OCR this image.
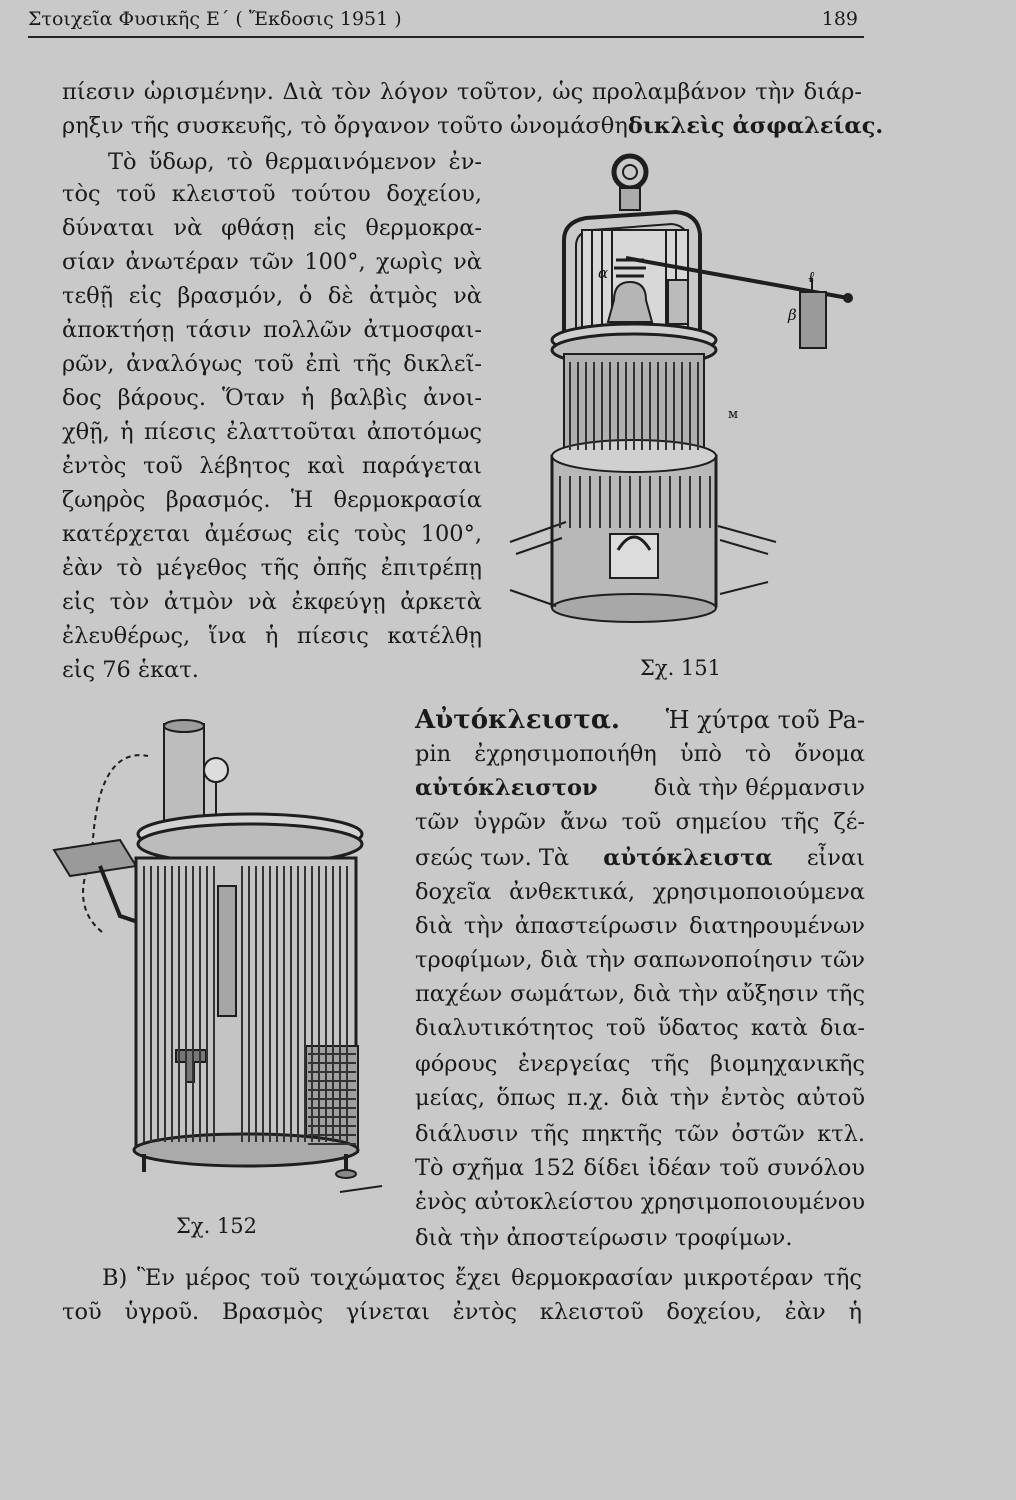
Στοιχεῖα Φυσικῆς Ε΄ ( Ἔκδοσις 1951 )	189
πίεσιν ὡρισμένην. Διὰ τὸν λόγον τοῦτον, ὡς προλαμβάνον τὴν διάρ-
ρηξιν τῆς συσκευῆς, τὸ ὄργανον τοῦτο ὠνομάσθη δικλεὶς ἀσφαλείας.
Τὸ ὕδωρ, τὸ θερμαινόμενον ἐν-
τὸς τοῦ κλειστοῦ τούτου δοχείου,
δύναται νὰ φθάσῃ εἰς θερμοκρα-
σίαν ἀνωτέραν τῶν 100°, χωρὶς νὰ
τεθῇ εἰς βρασμόν, ὁ δὲ ἀτμὸς νὰ
ἀποκτήσῃ τάσιν πολλῶν ἀτμοσφαι-
ρῶν, ἀναλόγως τοῦ ἐπὶ τῆς δικλεῖ-
δος βάρους. Ὅταν ἡ βαλβὶς ἀνοι-
χθῇ, ἡ πίεσις ἐλαττοῦται ἀποτόμως
ἐντὸς τοῦ λέβητος καὶ παράγεται
ζωηρὸς βρασμός. Ἡ θερμοκρασία
κατέρχεται ἀμέσως εἰς τοὺς 100°,
ἐὰν τὸ μέγεθος τῆς ὀπῆς ἐπιτρέπῃ
εἰς τὸν ἀτμὸν νὰ ἐκφεύγῃ ἀρκετὰ
ἐλευθέρως, ἵνα ἡ πίεσις κατέλθῃ
εἰς 76 ἑκατ.
α
β
ℓ
м
Σχ. 151
Σχ. 152
Αὐτόκλειστα. Ἡ χύτρα τοῦ Pa-
pin ἐχρησιμοποιήθη ὑπὸ τὸ ὄνομα
αὐτόκλειστον διὰ τὴν θέρμανσιν
τῶν ὑγρῶν ἄνω τοῦ σημείου τῆς ζέ-
σεώς των. Τὰ αὐτόκλειστα εἶναι
δοχεῖα ἀνθεκτικά, χρησιμοποιούμενα
διὰ τὴν ἀπαστείρωσιν διατηρουμένων
τροφίμων, διὰ τὴν σαπωνοποίησιν τῶν
παχέων σωμάτων, διὰ τὴν αὔξησιν τῆς
διαλυτικότητος τοῦ ὕδατος κατὰ δια-
φόρους ἐνεργείας τῆς βιομηχανικῆς
μείας, ὅπως π.χ. διὰ τὴν ἐντὸς αὐτοῦ
διάλυσιν τῆς πηκτῆς τῶν ὀστῶν κτλ.
Τὸ σχῆμα 152 δίδει ἰδέαν τοῦ συνόλου
ἑνὸς αὐτοκλείστου χρησιμοποιουμένου
διὰ τὴν ἀποστείρωσιν τροφίμων.
Β) Ἓν μέρος τοῦ τοιχώματος ἔχει θερμοκρασίαν μικροτέραν τῆς
τοῦ ὑγροῦ. Βρασμὸς γίνεται ἐντὸς κλειστοῦ δοχείου, ἐὰν ἡ
